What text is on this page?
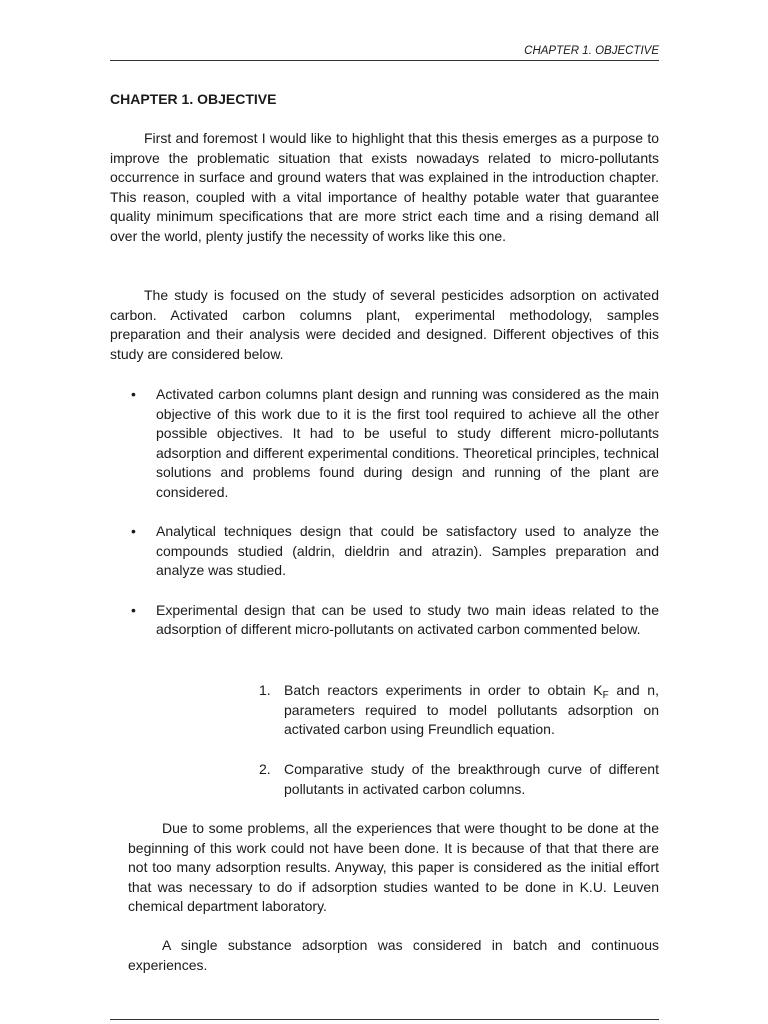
CHAPTER 1. OBJECTIVE
CHAPTER 1. OBJECTIVE

First and foremost I would like to highlight that this thesis emerges as a purpose to improve the problematic situation that exists nowadays related to micro-pollutants occurrence in surface and ground waters that was explained in the introduction chapter. This reason, coupled with a vital importance of healthy potable water that guarantee quality minimum specifications that are more strict each time and a rising demand all over the world, plenty justify the necessity of works like this one.

The study is focused on the study of several pesticides adsorption on activated carbon. Activated carbon columns plant, experimental methodology, samples preparation and their analysis were decided and designed. Different objectives of this study are considered below.

• Activated carbon columns plant design and running was considered as the main objective of this work due to it is the first tool required to achieve all the other possible objectives. It had to be useful to study different micro-pollutants adsorption and different experimental conditions. Theoretical principles, technical solutions and problems found during design and running of the plant are considered.
• Analytical techniques design that could be satisfactory used to analyze the compounds studied (aldrin, dieldrin and atrazin). Samples preparation and analyze was studied.
• Experimental design that can be used to study two main ideas related to the adsorption of different micro-pollutants on activated carbon commented below.
1. Batch reactors experiments in order to obtain $K_F$ and n, parameters required to model pollutants adsorption on activated carbon using Freundlich equation.
2. Comparative study of the breakthrough curve of different pollutants in activated carbon columns.

Due to some problems, all the experiences that were thought to be done at the beginning of this work could not have been done. It is because of that that there are not too many adsorption results. Anyway, this paper is considered as the initial effort that was necessary to do if adsorption studies wanted to be done in K.U. Leuven chemical department laboratory.

A single substance adsorption was considered in batch and continuous experiences.
